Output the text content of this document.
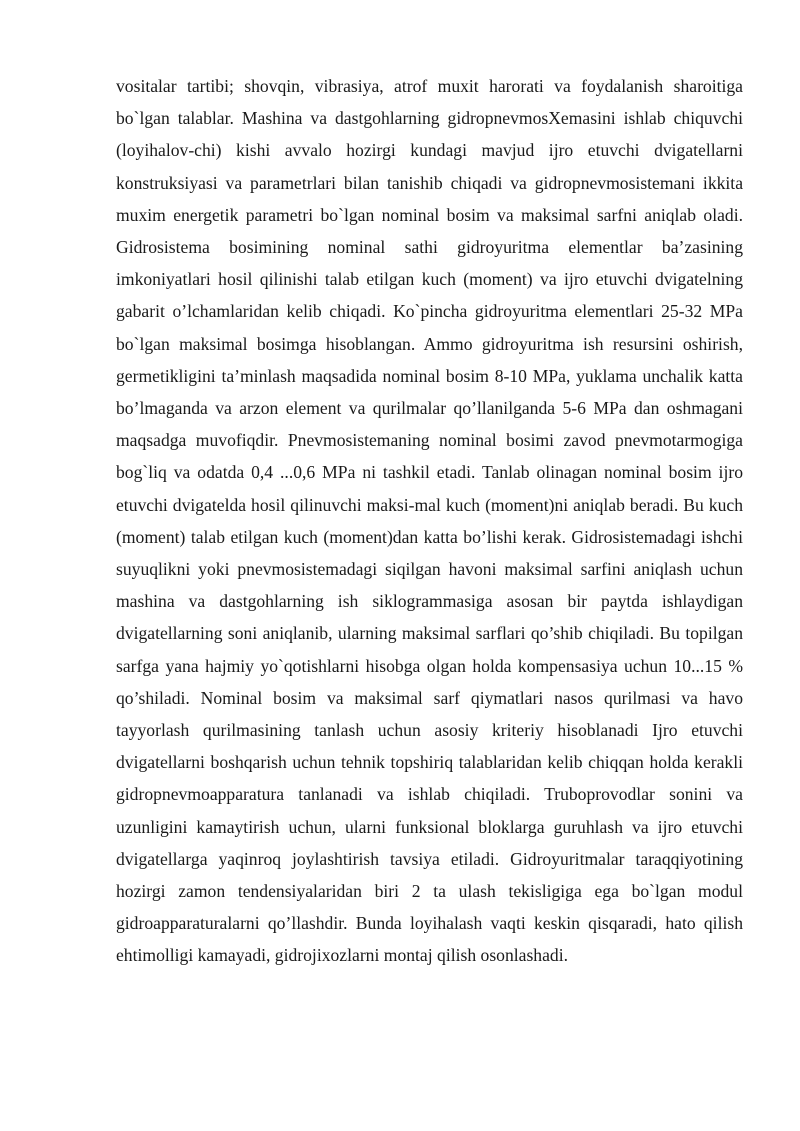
vositalar tartibi; shovqin, vibrasiya, atrof muxit harorati va foydalanish sharoitiga bo`lgan talablar. Mashina va dastgohlarning gidropnevmosXemasini ishlab chiquvchi (loyihalov-chi) kishi avvalo hozirgi kundagi mavjud ijro etuvchi dvigatellarni konstruksiyasi va parametrlari bilan tanishib chiqadi va gidropnevmosistemani ikkita muxim energetik parametri bo`lgan nominal bosim va maksimal sarfni aniqlab oladi. Gidrosistema bosimining nominal sathi gidroyuritma elementlar ba’zasining imkoniyatlari hosil qilinishi talab etilgan kuch (moment) va ijro etuvchi dvigatelning gabarit o’lchamlaridan kelib chiqadi. Ko`pincha gidroyuritma elementlari 25-32 MPa bo`lgan maksimal bosimga hisoblangan. Ammo gidroyuritma ish resursini oshirish, germetikligini ta’minlash maqsadida nominal bosim 8-10 MPa, yuklama unchalik katta bo’lmaganda va arzon element va qurilmalar qo’llanilganda 5-6 MPa dan oshmagani maqsadga muvofiqdir. Pnevmosistemaning nominal bosimi zavod pnevmotarmogiga bog`liq va odatda 0,4 ...0,6 MPa ni tashkil etadi. Tanlab olinagan nominal bosim ijro etuvchi dvigatelda hosil qilinuvchi maksi-mal kuch (moment)ni aniqlab beradi. Bu kuch (moment) talab etilgan kuch (moment)dan katta bo’lishi kerak. Gidrosistemadagi ishchi suyuqlikni yoki pnevmosistemadagi siqilgan havoni maksimal sarfini aniqlash uchun mashina va dastgohlarning ish siklogrammasiga asosan bir paytda ishlaydigan dvigatellarning soni aniqlanib, ularning maksimal sarflari qo’shib chiqiladi. Bu topilgan sarfga yana hajmiy yo`qotishlarni hisobga olgan holda kompensasiya uchun 10...15 % qo’shiladi. Nominal bosim va maksimal sarf qiymatlari nasos qurilmasi va havo tayyorlash qurilmasining tanlash uchun asosiy kriteriy hisoblanadi Ijro etuvchi dvigatellarni boshqarish uchun tehnik topshiriq talablaridan kelib chiqqan holda kerakli gidropnevmoapparatura tanlanadi va ishlab chiqiladi. Truboprovodlar sonini va uzunligini kamaytirish uchun, ularni funksional bloklarga guruhlash va ijro etuvchi dvigatellarga yaqinroq joylashtirish tavsiya etiladi. Gidroyuritmalar taraqqiyotining hozirgi zamon tendensiyalaridan biri 2 ta ulash tekisligiga ega bo`lgan modul gidroapparaturalarni qo’llashdir. Bunda loyihalash vaqti keskin qisqaradi, hato qilish ehtimolligi kamayadi, gidrojixozlarni montaj qilish osonlashadi.
